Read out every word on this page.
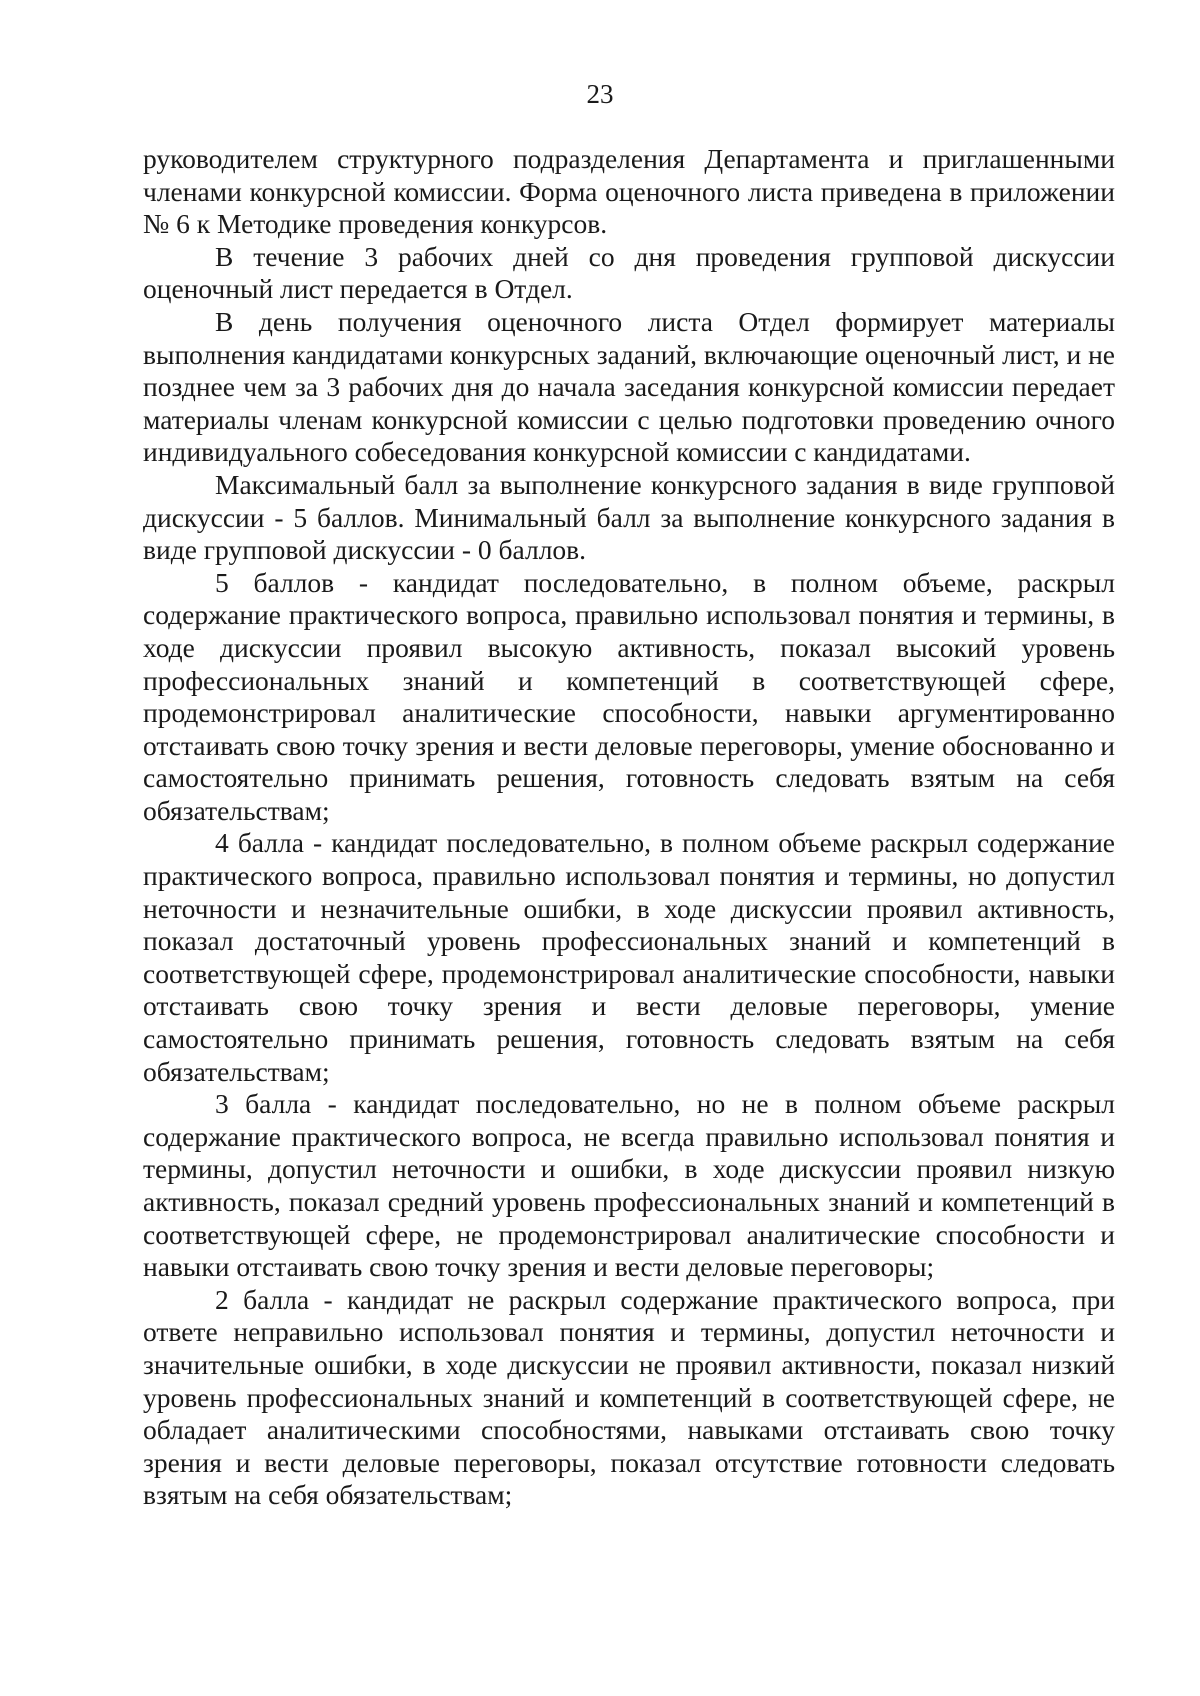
23

руководителем структурного подразделения Департамента и приглашенными членами конкурсной комиссии. Форма оценочного листа приведена в приложении № 6 к Методике проведения конкурсов.

В течение 3 рабочих дней со дня проведения групповой дискуссии оценочный лист передается в Отдел.

В день получения оценочного листа Отдел формирует материалы выполнения кандидатами конкурсных заданий, включающие оценочный лист, и не позднее чем за 3 рабочих дня до начала заседания конкурсной комиссии передает материалы членам конкурсной комиссии с целью подготовки проведению очного индивидуального собеседования конкурсной комиссии с кандидатами.

Максимальный балл за выполнение конкурсного задания в виде групповой дискуссии - 5 баллов. Минимальный балл за выполнение конкурсного задания в виде групповой дискуссии - 0 баллов.

5 баллов - кандидат последовательно, в полном объеме, раскрыл содержание практического вопроса, правильно использовал понятия и термины, в ходе дискуссии проявил высокую активность, показал высокий уровень профессиональных знаний и компетенций в соответствующей сфере, продемонстрировал аналитические способности, навыки аргументированно отстаивать свою точку зрения и вести деловые переговоры, умение обоснованно и самостоятельно принимать решения, готовность следовать взятым на себя обязательствам;

4 балла - кандидат последовательно, в полном объеме раскрыл содержание практического вопроса, правильно использовал понятия и термины, но допустил неточности и незначительные ошибки, в ходе дискуссии проявил активность, показал достаточный уровень профессиональных знаний и компетенций в соответствующей сфере, продемонстрировал аналитические способности, навыки отстаивать свою точку зрения и вести деловые переговоры, умение самостоятельно принимать решения, готовность следовать взятым на себя обязательствам;

3 балла - кандидат последовательно, но не в полном объеме раскрыл содержание практического вопроса, не всегда правильно использовал понятия и термины, допустил неточности и ошибки, в ходе дискуссии проявил низкую активность, показал средний уровень профессиональных знаний и компетенций в соответствующей сфере, не продемонстрировал аналитические способности и навыки отстаивать свою точку зрения и вести деловые переговоры;

2 балла - кандидат не раскрыл содержание практического вопроса, при ответе неправильно использовал понятия и термины, допустил неточности и значительные ошибки, в ходе дискуссии не проявил активности, показал низкий уровень профессиональных знаний и компетенций в соответствующей сфере, не обладает аналитическими способностями, навыками отстаивать свою точку зрения и вести деловые переговоры, показал отсутствие готовности следовать взятым на себя обязательствам;
